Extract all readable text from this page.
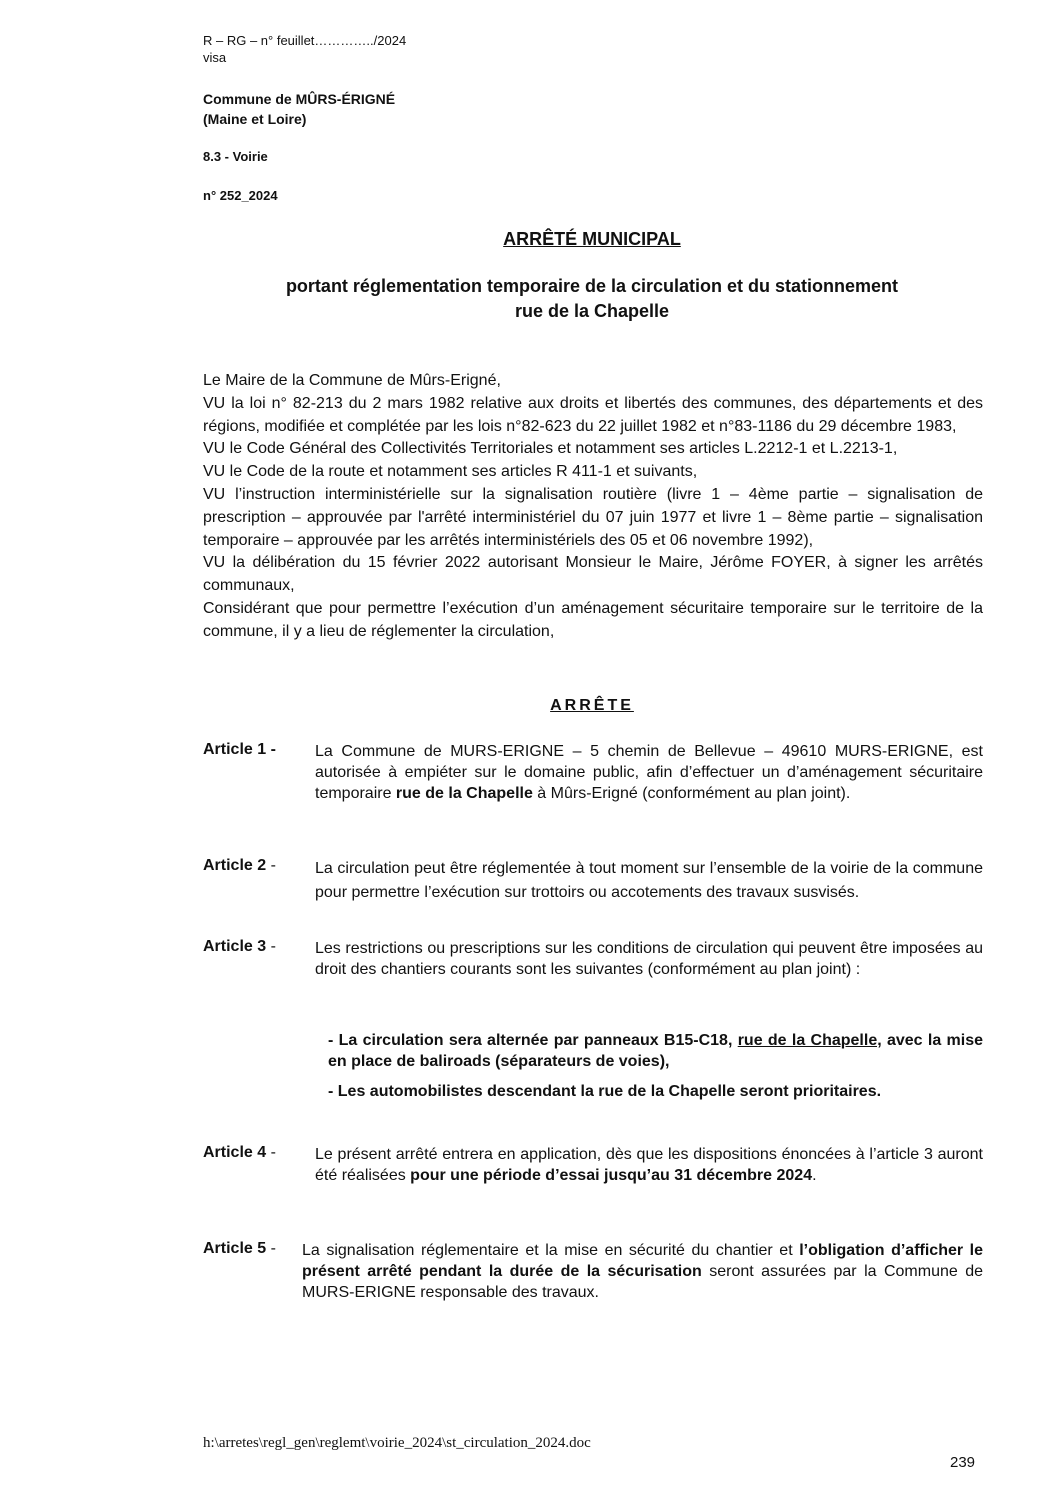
R – RG – n° feuillet…………../2024
visa
Commune de MÛRS-ÉRIGNÉ
(Maine et Loire)
8.3 - Voirie
n° 252_2024
ARRÊTÉ MUNICIPAL
portant réglementation temporaire de la circulation et du stationnement
rue de la Chapelle

Le Maire de la Commune de Mûrs-Erigné,

VU la loi n° 82-213 du 2 mars 1982 relative aux droits et libertés des communes, des départements et des régions, modifiée et complétée par les lois n°82-623 du 22 juillet 1982 et n°83-1186 du 29 décembre 1983,

VU le Code Général des Collectivités Territoriales et notamment ses articles L.2212-1 et L.2213-1,

VU le Code de la route et notamment ses articles R 411-1 et suivants,

VU l’instruction interministérielle sur la signalisation routière (livre 1 – 4ème partie – signalisation de prescription – approuvée par l'arrêté interministériel du 07 juin 1977 et livre 1 – 8ème partie – signalisation temporaire – approuvée par les arrêtés interministériels des 05 et 06 novembre 1992),

VU la délibération du 15 février 2022 autorisant Monsieur le Maire, Jérôme FOYER, à signer les arrêtés communaux,

Considérant que pour permettre l’exécution d’un aménagement sécuritaire temporaire sur le territoire de la commune, il y a lieu de réglementer la circulation,

ARRÊTE
Article 1 - La Commune de MURS-ERIGNE – 5 chemin de Bellevue – 49610 MURS-ERIGNE, est autorisée à empiéter sur le domaine public, afin d’effectuer un d’aménagement sécuritaire temporaire rue de la Chapelle à Mûrs-Erigné (conformément au plan joint).
Article 2 - La circulation peut être réglementée à tout moment sur l’ensemble de la voirie de la commune pour permettre l’exécution sur trottoirs ou accotements des travaux susvisés.
Article 3 - Les restrictions ou prescriptions sur les conditions de circulation qui peuvent être imposées au droit des chantiers courants sont les suivantes (conformément au plan joint) :
- La circulation sera alternée par panneaux B15-C18, rue de la Chapelle, avec la mise en place de baliroads (séparateurs de voies),
- Les automobilistes descendant la rue de la Chapelle seront prioritaires.
Article 4 - Le présent arrêté entrera en application, dès que les dispositions énoncées à l’article 3 auront été réalisées pour une période d’essai jusqu’au 31 décembre 2024.
Article 5 - La signalisation réglementaire et la mise en sécurité du chantier et l’obligation d’afficher le présent arrêté pendant la durée de la sécurisation seront assurées par la Commune de MURS-ERIGNE responsable des travaux.
h:\arretes\regl_gen\reglemt\voirie_2024\st_circulation_2024.doc
239
